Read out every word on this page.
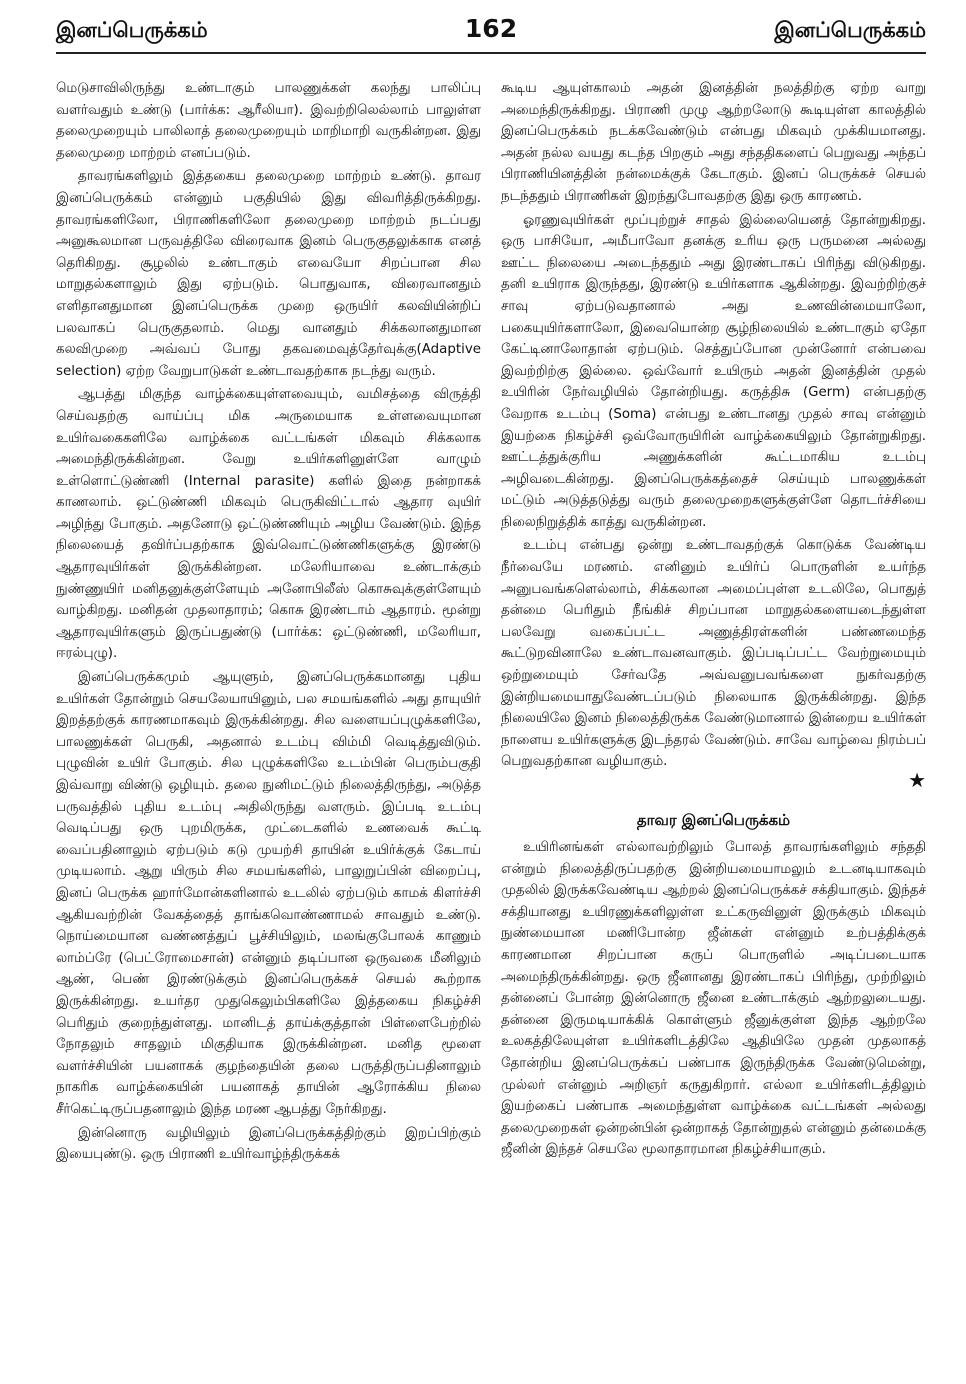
இனப்பெருக்கம்	162	இனப்பெருக்கம்

மெடுசாவிலிருந்து உண்டாகும் பாலணுக்கள் கலந்து பாலிப்பு வளர்வதும் உண்டு (பார்க்க: ஆரீலியா). இவற்றிலெல்லாம் பாலுள்ள தலைமுறையும் பாலிலாத் தலைமுறையும் மாறிமாறி வருகின்றன. இது தலைமுறை மாற்றம் எனப்படும்.

தாவரங்களிலும் இத்தகைய தலைமுறை மாற்றம் உண்டு. தாவர இனப்பெருக்கம் என்னும் பகுதியில் இது விவரித்திருக்கிறது. தாவரங்களிலோ, பிராணிகளிலோ தலைமுறை மாற்றம் நடப்பது அனுகூலமான பருவத்திலே விரைவாக இனம் பெருகுதலுக்காக எனத் தெரிகிறது. சூழலில் உண்டாகும் எவையோ சிறப்பான சில மாறுதல்களாலும் இது ஏற்படும். பொதுவாக, விரைவானதும் எளிதானதுமான இனப்பெருக்க முறை ஒருயிர் கலவியின்றிப் பலவாகப் பெருகுதலாம். மெது வானதும் சிக்கலானதுமான கலவிமுறை அவ்வப் போது தகவமைவுத்தேர்வுக்கு(Adaptive selection) ஏற்ற வேறுபாடுகள் உண்டாவதற்காக நடந்து வரும்.

ஆபத்து மிகுந்த வாழ்க்கையுள்ளவையும், வமிசத்தை விருத்தி செய்வதற்கு வாய்ப்பு மிக அருமையாக உள்ளவையுமான உயிர்வகைகளிலே வாழ்க்கை வட்டங்கள் மிகவும் சிக்கலாக அமைந்திருக்கின்றன. வேறு உயிர்களினுள்ளே வாழும் உள்ளொட்டுண்ணி (Internal parasite) களில் இதை நன்றாகக் காணலாம். ஒட்டுண்ணி மிகவும் பெருகிவிட்டால் ஆதார வுயிர் அழிந்து போகும். அதனோடு ஒட்டுண்ணியும் அழிய வேண்டும். இந்த நிலையைத் தவிர்ப்பதற்காக இவ்வொட்டுண்ணிகளுக்கு இரண்டு ஆதாரவுயிர்கள் இருக்கின்றன. மலேரியாவை உண்டாக்கும் நுண்ணுயிர் மனிதனுக்குள்ளேயும் அனோபிலீஸ் கொசுவுக்குள்ளேயும் வாழ்கிறது. மனிதன் முதலாதாரம்; கொசு இரண்டாம் ஆதாரம். மூன்று ஆதாரவுயிர்களும் இருப்பதுண்டு (பார்க்க: ஒட்டுண்ணி, மலேரியா, ஈரல்புழு).

இனப்பெருக்கமும் ஆயுளும், இனப்பெருக்கமானது புதிய உயிர்கள் தோன்றும் செயலேயாயினும், பல சமயங்களில் அது தாயுயிர் இறத்தற்குக் காரணமாகவும் இருக்கின்றது. சில வளையப்புழுக்களிலே, பாலணுக்கள் பெருகி, அதனால் உடம்பு விம்மி வெடித்துவிடும். புழுவின் உயிர் போகும். சில புழுக்களிலே உடம்பின் பெரும்பகுதி இவ்வாறு விண்டு ஒழியும். தலை நுனிமட்டும் நிலைத்திருந்து, அடுத்த பருவத்தில் புதிய உடம்பு அதிலிருந்து வளரும். இப்படி உடம்பு வெடிப்பது ஒரு புறமிருக்க, முட்டைகளில் உணவைக் கூட்டி வைப்பதினாலும் ஏற்படும் கடு முயற்சி தாயின் உயிர்க்குக் கேடாய் முடியலாம். ஆறு யிரும் சில சமயங்களில், பாலுறுப்பின் விறைப்பு, இனப் பெருக்க ஹார்மோன்களினால் உடலில் ஏற்படும் காமக் கிளர்ச்சி ஆகியவற்றின் வேகத்தைத் தாங்கவொண்ணாமல் சாவதும் உண்டு. நொய்மையான வண்ணத்துப் பூச்சியிலும், மலங்குபோலக் காணும் லாம்ப்ரே (பெட்ரோமைசான்) என்னும் தடிப்பான ஒருவகை மீனிலும் ஆண், பெண் இரண்டுக்கும் இனப்பெருக்கச் செயல் கூற்றாக இருக்கின்றது. உயர்தர முதுகெலும்பிகளிலே இத்தகைய நிகழ்ச்சி பெரிதும் குறைந்துள்ளது. மானிடத் தாய்க்குத்தான் பிள்ளைபேற்றில் நோதலும் சாதலும் மிகுதியாக இருக்கின்றன. மனித மூளை வளர்ச்சியின் பயனாகக் குழந்தையின் தலை பருத்திருப்பதினாலும் நாகரிக வாழ்க்கையின் பயனாகத் தாயின் ஆரோக்கிய நிலை சீர்கெட்டிருப்பதனாலும் இந்த மரண ஆபத்து நேர்கிறது.

இன்னொரு வழியிலும் இனப்பெருக்கத்திற்கும் இறப்பிற்கும் இயைபுண்டு. ஒரு பிராணி உயிர்வாழ்ந்திருக்கக்

கூடிய ஆயுள்காலம் அதன் இனத்தின் நலத்திற்கு ஏற்ற வாறு அமைந்திருக்கிறது. பிராணி முழு ஆற்றலோடு கூடியுள்ள காலத்தில் இனப்பெருக்கம் நடக்கவேண்டும் என்பது மிகவும் முக்கியமானது. அதன் நல்ல வயது கடந்த பிறகும் அது சந்ததிகளைப் பெறுவது அந்தப் பிராணியினத்தின் நன்மைக்குக் கேடாகும். இனப் பெருக்கச் செயல் நடந்ததும் பிராணிகள் இறந்துபோவதற்கு இது ஒரு காரணம்.

ஓரணுவுயிர்கள் மூப்புற்றுச் சாதல் இல்லையெனத் தோன்றுகிறது. ஒரு பாசியோ, அமீபாவோ தனக்கு உரிய ஒரு பருமனை அல்லது ஊட்ட நிலையை அடைந்ததும் அது இரண்டாகப் பிரிந்து விடுகிறது. தனி உயிராக இருந்தது, இரண்டு உயிர்களாக ஆகின்றது. இவற்றிற்குச் சாவு ஏற்படுவதானால் அது உணவின்மையாலோ, பகையுயிர்களாலோ, இவையொன்ற சூழ்நிலையில் உண்டாகும் ஏதோ கேட்டினாலோதான் ஏற்படும். செத்துப்போன முன்னோர் என்பவை இவற்றிற்கு இல்லை. ஒவ்வோர் உயிரும் அதன் இனத்தின் முதல் உயிரின் நேர்வழியில் தோன்றியது. கருத்திசு (Germ) என்பதற்கு வேறாக உடம்பு (Soma) என்பது உண்டானது முதல் சாவு என்னும் இயற்கை நிகழ்ச்சி ஒவ்வோருயிரின் வாழ்க்கையிலும் தோன்றுகிறது. ஊட்டத்துக்குரிய அணுக்களின் கூட்டமாகிய உடம்பு அழிவடைகின்றது. இனப்பெருக்கத்தைச் செய்யும் பாலணுக்கள் மட்டும் அடுத்தடுத்து வரும் தலைமுறைகளுக்குள்ளே தொடர்ச்சியை நிலைநிறுத்திக் காத்து வருகின்றன.

உடம்பு என்பது ஒன்று உண்டாவதற்குக் கொடுக்க வேண்டிய நீர்வையே மரணம். எனினும் உயிர்ப் பொருளின் உயர்ந்த அனுபவங்களெல்லாம், சிக்கலான அமைப்புள்ள உடலிலே, பொதுத் தன்மை பெரிதும் நீங்கிச் சிறப்பான மாறுதல்களையடைந்துள்ள பலவேறு வகைப்பட்ட அணுத்திரள்களின் பண்ணமைந்த கூட்டுறவினாலே உண்டாவனவாகும். இப்படிப்பட்ட வேற்றுமையும் ஒற்றுமையும் சேர்வதே அவ்வனுபவங்களை நுகர்வதற்கு இன்றியமையாதுவேண்டப்படும் நிலையாக இருக்கின்றது. இந்த நிலையிலே இனம் நிலைத்திருக்க வேண்டுமானால் இன்றைய உயிர்கள் நாளைய உயிர்களுக்கு இடந்தரல் வேண்டும். சாவே வாழ்வை நிரம்பப் பெறுவதற்கான வழியாகும்.

★
தாவர இனப்பெருக்கம்

உயிரினங்கள் எல்லாவற்றிலும் போலத் தாவரங்களிலும் சந்ததி என்றும் நிலைத்திருப்பதற்கு இன்றியமையாமலும் உடனடியாகவும் முதலில் இருக்கவேண்டிய ஆற்றல் இனப்பெருக்கச் சக்தியாகும். இந்தச் சக்தியானது உயிரணுக்களிலுள்ள உட்கருவினுள் இருக்கும் மிகவும் நுண்மையான மணிபோன்ற ஜீன்கள் என்னும் உற்பத்திக்குக் காரணமான சிறப்பான கருப் பொருளில் அடிப்படையாக அமைந்திருக்கின்றது. ஒரு ஜீனானது இரண்டாகப் பிரிந்து, முற்றிலும் தன்னைப் போன்ற இன்னொரு ஜீனை உண்டாக்கும் ஆற்றலுடையது. தன்னை இருமடியாக்கிக் கொள்ளும் ஜீனுக்குள்ள இந்த ஆற்றலே உலகத்திலேயுள்ள உயிர்களிடத்திலே ஆதியிலே முதன் முதலாகத் தோன்றிய இனப்பெருக்கப் பண்பாக இருந்திருக்க வேண்டுமென்று, முல்லர் என்னும் அறிஞர் கருதுகிறார். எல்லா உயிர்களிடத்திலும் இயற்கைப் பண்பாக அமைந்துள்ள வாழ்க்கை வட்டங்கள் அல்லது தலைமுறைகள் ஒன்றன்பின் ஒன்றாகத் தோன்றுதல் என்னும் தன்மைக்கு ஜீனின் இந்தச் செயலே மூலாதாரமான நிகழ்ச்சியாகும்.
